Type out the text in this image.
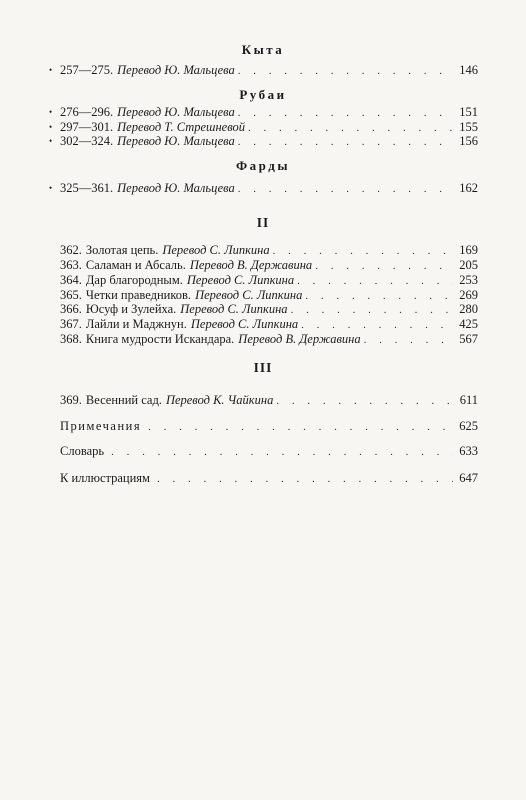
Кыта
• 257—275. Перевод Ю. Мальцева . . .	146
Рубаи
• 276—296. Перевод Ю. Мальцева . . .	151
• 297—301. Перевод Т. Стрешневой . . .	155
• 302—324. Перевод Ю. Мальцева . . .	156
Фарды
• 325—361. Перевод Ю. Мальцева . . .	162
II
362. Золотая цепь. Перевод С. Липкина . . .	169
363. Саламан и Абсаль. Перевод В. Державина . . .	205
364. Дар благородным. Перевод С. Липкина . . .	253
365. Четки праведников. Перевод С. Липкина . . .	269
366. Юсуф и Зулейха. Перевод С. Липкина . . .	280
367. Лайли и Маджнун. Перевод С. Липкина . . .	425
368. Книга мудрости Искандара. Перевод В. Державина . . .	567
III
369. Весенний сад. Перевод К. Чайкина . . .	611
Примечания . . .	625
Словарь . . .	633
К иллюстрациям . . .	647
